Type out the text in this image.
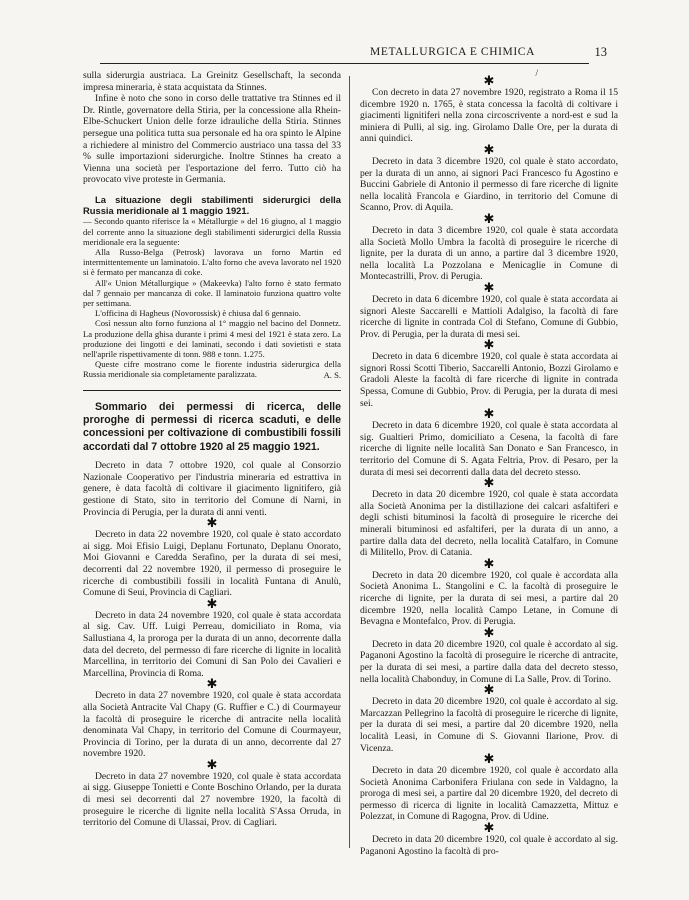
METALLURGICA E CHIMICA	13

sulla siderurgia austriaca. La Greinitz Gesellschaft, la seconda impresa mineraria, è stata acquistata da Stinnes.

Infine è noto che sono in corso delle trattative tra Stinnes ed il Dr. Rintle, governatore della Stiria, per la concessione alla Rhein-Elbe-Schuckert Union delle forze idrauliche della Stiria. Stinnes persegue una politica tutta sua personale ed ha ora spinto le Alpine a richiedere al ministro del Commercio austriaco una tassa del 33 % sulle importazioni siderurgiche. Inoltre Stinnes ha creato a Vienna una società per l'esportazione del ferro. Tutto ciò ha provocato vive proteste in Germania.

La situazione degli stabilimenti siderurgici della Russia meridionale al 1 maggio 1921.

— Secondo quanto riferisce la « Métallurgie » del 16 giugno, al 1 maggio del corrente anno la situazione degli stabilimenti siderurgici della Russia meridionale era la seguente:

Alla Russo-Belga (Petrosk) lavorava un forno Martin ed intermittentemente un laminatoio. L'alto forno che aveva lavorato nel 1920 si è fermato per mancanza di coke.

All'« Union Métallurgique » (Makeevka) l'alto forno è stato fermato dal 7 gennaio per mancanza di coke. Il laminatoio funziona quattro volte per settimana.

L'officina di Hagheus (Novorossisk) è chiusa dal 6 gennaio.

Così nessun alto forno funziona al 1° maggio nel bacino del Donnetz. La produzione della ghisa durante i primi 4 mesi del 1921 è stata zero. La produzione dei lingotti e dei laminati, secondo i dati sovietisti e stata nell'aprile rispettivamente di tonn. 988 e tonn. 1.275.

Queste cifre mostrano come le fiorente industria siderurgica della Russia meridionale sia completamente paralizzata.	A. S.

Sommario dei permessi di ricerca, delle proroghe di permessi di ricerca scaduti, e delle concessioni per coltivazione di combustibili fossili accordati dal 7 ottobre 1920 al 25 maggio 1921.

Decreto in data 7 ottobre 1920, col quale al Consorzio Nazionale Cooperativo per l'industria mineraria ed estrattiva in genere, è data facoltà di coltivare il giacimento lignitifero, già gestione di Stato, sito in territorio del Comune di Narni, in Provincia di Perugia, per la durata di anni venti.

✱

Decreto in data 22 novembre 1920, col quale è stato accordato ai sigg. Moi Efisio Luigi, Deplanu Fortunato, Deplanu Onorato, Moi Giovanni e Caredda Serafino, per la durata di sei mesi, decorrenti dal 22 novembre 1920, il permesso di proseguire le ricerche di combustibili fossili in località Funtana di Anulù, Comune di Seui, Provincia di Cagliari.

✱

Decreto in data 24 novembre 1920, col quale è stata accordata al sig. Cav. Uff. Luigi Perreau, domiciliato in Roma, via Sallustiana 4, la proroga per la durata di un anno, decorrente dalla data del decreto, del permesso di fare ricerche di lignite in località Marcellina, in territorio dei Comuni di San Polo dei Cavalieri e Marcellina, Provincia di Roma.

✱

Decreto in data 27 novembre 1920, col quale è stata accordata alla Società Antracite Val Chapy (G. Ruffier e C.) di Courmayeur la facoltà di proseguire le ricerche di antracite nella località denominata Val Chapy, in territorio del Comune di Courmayeur, Provincia di Torino, per la durata di un anno, decorrente dal 27 novembre 1920.

✱

Decreto in data 27 novembre 1920, col quale è stata accordata ai sigg. Giuseppe Tonietti e Conte Boschino Orlando, per la durata di mesi sei decorrenti dal 27 novembre 1920, la facoltà di proseguire le ricerche di lignite nella località S'Assa Orruda, in territorio del Comune di Ulassai, Prov. di Cagliari.

/
✱

Con decreto in data 27 novembre 1920, registrato a Roma il 15 dicembre 1920 n. 1765, è stata concessa la facoltà di coltivare i giacimenti lignitiferi nella zona circoscrivente a nord-est e sud la miniera di Pulli, al sig. ing. Girolamo Dalle Ore, per la durata di anni quindici.

✱

Decreto in data 3 dicembre 1920, col quale è stato accordato, per la durata di un anno, ai signori Paci Francesco fu Agostino e Buccini Gabriele di Antonio il permesso di fare ricerche di lignite nella località Francola e Giardino, in territorio del Comune di Scanno, Prov. di Aquila.

✱

Decreto in data 3 dicembre 1920, col quale è stata accordata alla Società Mollo Umbra la facoltà di proseguire le ricerche di lignite, per la durata di un anno, a partire dal 3 dicembre 1920, nella località La Pozzolana e Menicaglie in Comune di Montecastrilli, Prov. di Perugia.

✱

Decreto in data 6 dicembre 1920, col quale è stata accordata ai signori Aleste Saccarelli e Mattioli Adalgiso, la facoltà di fare ricerche di lignite in contrada Col di Stefano, Comune di Gubbio, Prov. di Perugia, per la durata di mesi sei.

✱

Decreto in data 6 dicembre 1920, col quale è stata accordata ai signori Rossi Scotti Tiberio, Saccarelli Antonio, Bozzi Girolamo e Gradoli Aleste la facoltà di fare ricerche di lignite in contrada Spessa, Comune di Gubbio, Prov. di Perugia, per la durata di mesi sei.

✱

Decreto in data 6 dicembre 1920, col quale è stata accordata al sig. Gualtieri Primo, domiciliato a Cesena, la facoltà di fare ricerche di lignite nelle località San Donato e San Francesco, in territorio del Comune di S. Agata Feltria, Prov. di Pesaro, per la durata di mesi sei decorrenti dalla data del decreto stesso.

✱

Decreto in data 20 dicembre 1920, col quale è stata accordata alla Società Anonima per la distillazione dei calcari asfaltiferi e degli schisti bituminosi la facoltà di proseguire le ricerche dei minerali bituminosi ed asfaltiferi, per la durata di un anno, a partire dalla data del decreto, nella località Catalfaro, in Comune di Militello, Prov. di Catania.

✱

Decreto in data 20 dicembre 1920, col quale è accordata alla Società Anonima L. Stangolini e C. la facoltà di proseguire le ricerche di lignite, per la durata di sei mesi, a partire dal 20 dicembre 1920, nella località Campo Letane, in Comune di Bevagna e Montefalco, Prov. di Perugia.

✱

Decreto in data 20 dicembre 1920, col quale è accordato al sig. Paganoni Agostino la facoltà di proseguire le ricerche di antracite, per la durata di sei mesi, a partire dalla data del decreto stesso, nella località Chabonduy, in Comune di La Salle, Prov. di Torino.

✱

Decreto in data 20 dicembre 1920, col quale è accordato al sig. Marcazzan Pellegrino la facoltà di proseguire le ricerche di lignite, per la durata di sei mesi, a partire dal 20 dicembre 1920, nella località Leasi, in Comune di S. Giovanni Ilarione, Prov. di Vicenza.

✱

Decreto in data 20 dicembre 1920, col quale è accordato alla Società Anonima Carbonifera Friulana con sede in Valdagno, la proroga di mesi sei, a partire dal 20 dicembre 1920, del decreto di permesso di ricerca di lignite in località Camazzetta, Mittuz e Polezzat, in Comune di Ragogna, Prov. di Udine.

✱

Decreto in data 20 dicembre 1920, col quale è accordato al sig. Paganoni Agostino la facoltà di pro-
